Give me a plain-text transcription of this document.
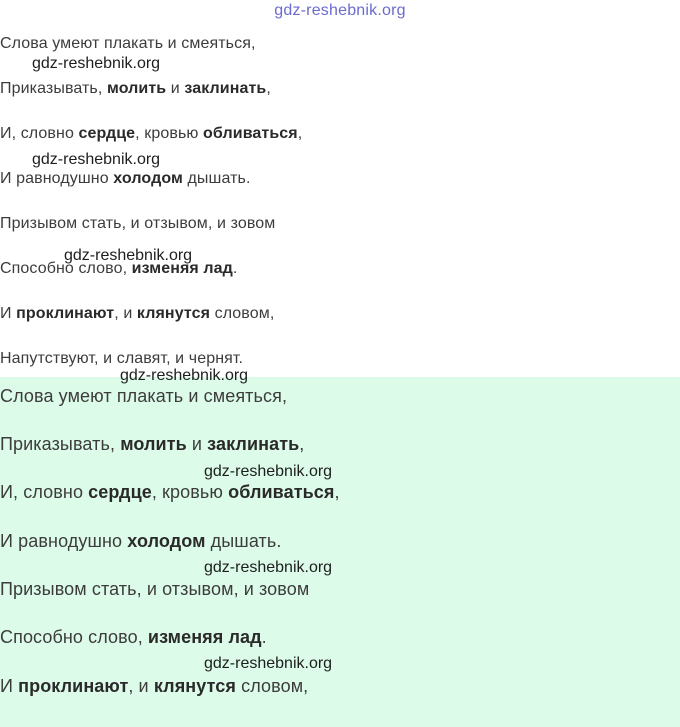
gdz-reshebnik.org
Слова умеют плакать и смеяться,
Приказывать, молить и заклинать,
И, словно сердце, кровью обливаться,
И равнодушно холодом дышать.
Призывом стать, и отзывом, и зовом
Способно слово, изменяя лад.
И проклинают, и клянутся словом,
Напутствуют, и славят, и чернят.
Слова умеют плакать и смеяться,
Приказывать, молить и заклинать,
И, словно сердце, кровью обливаться,
И равнодушно холодом дышать.
Призывом стать, и отзывом, и зовом
Способно слово, изменяя лад.
И проклинают, и клянутся словом,
gdz-reshebnik.org
gdz-reshebnik.org
gdz-reshebnik.org
gdz-reshebnik.org
gdz-reshebnik.org
gdz-reshebnik.org
gdz-reshebnik.org
